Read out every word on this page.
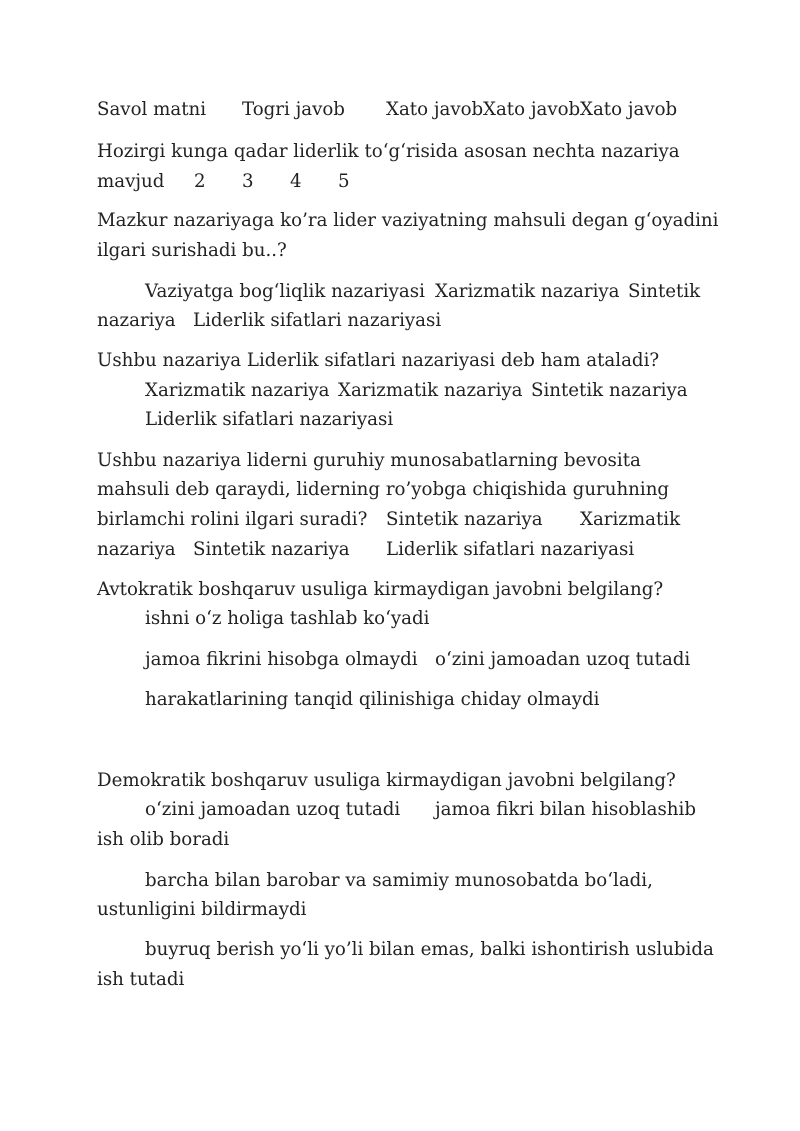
Savol matni Togri javob Xato javob Xato javob Xato javob
Hozirgi kunga qadar liderlik to‘g‘risida asosan nechta nazariya
mavjud 2 3 4 5
Mazkur nazariyaga ko’ra lider vaziyatning mahsuli degan g‘oyadini
ilgari surishadi bu..?
Vaziyatga bog‘liqlik nazariyasi Xarizmatik nazariya Sintetik
nazariya Liderlik sifatlari nazariyasi
Ushbu nazariya Liderlik sifatlari nazariyasi deb ham ataladi?
Xarizmatik nazariya Xarizmatik nazariya Sintetik nazariya
Liderlik sifatlari nazariyasi
Ushbu nazariya liderni guruhiy munosabatlarning bevosita
mahsuli deb qaraydi, liderning ro’yobga chiqishida guruhning
birlamchi rolini ilgari suradi? Sintetik nazariya Xarizmatik
nazariya Sintetik nazariya Liderlik sifatlari nazariyasi
Avtokratik boshqaruv usuliga kirmaydigan javobni belgilang?
ishni o‘z holiga tashlab ko‘yadi
jamoa fikrini hisobga olmaydi o‘zini jamoadan uzoq tutadi
harakatlarining tanqid qilinishiga chiday olmaydi
Demokratik boshqaruv usuliga kirmaydigan javobni belgilang?
o‘zini jamoadan uzoq tutadi jamoa fikri bilan hisoblashib
ish olib boradi
barcha bilan barobar va samimiy munosobatda bo‘ladi,
ustunligini bildirmaydi
buyruq berish yo‘li yo’li bilan emas, balki ishontirish uslubida
ish tutadi
